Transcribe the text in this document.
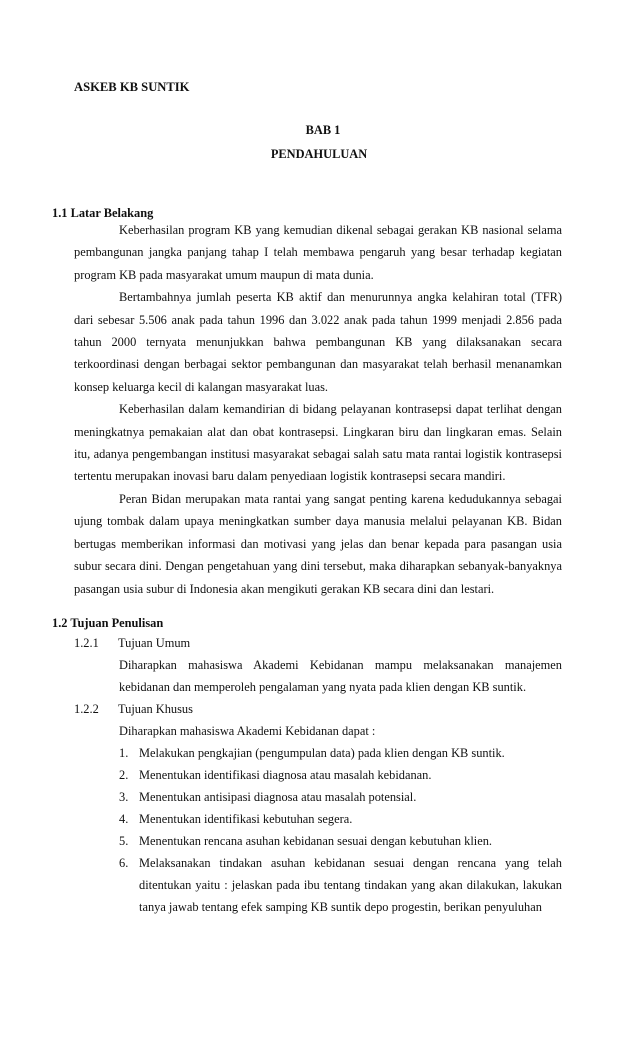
ASKEB KB SUNTIK
BAB 1
PENDAHULUAN
1.1 Latar Belakang

Keberhasilan program KB yang kemudian dikenal sebagai gerakan KB nasional selama pembangunan jangka panjang tahap I telah membawa pengaruh yang besar terhadap kegiatan program KB pada masyarakat umum maupun di mata dunia.

Bertambahnya jumlah peserta KB aktif dan menurunnya angka kelahiran total (TFR) dari sebesar 5.506 anak pada tahun 1996 dan 3.022 anak pada tahun 1999 menjadi 2.856 pada tahun 2000 ternyata menunjukkan bahwa pembangunan KB yang dilaksanakan secara terkoordinasi dengan berbagai sektor pembangunan dan masyarakat telah berhasil menanamkan konsep keluarga kecil di kalangan masyarakat luas.

Keberhasilan dalam kemandirian di bidang pelayanan kontrasepsi dapat terlihat dengan meningkatnya pemakaian alat dan obat kontrasepsi. Lingkaran biru dan lingkaran emas. Selain itu, adanya pengembangan institusi masyarakat sebagai salah satu mata rantai logistik kontrasepsi tertentu merupakan inovasi baru dalam penyediaan logistik kontrasepsi secara mandiri.

Peran Bidan merupakan mata rantai yang sangat penting karena kedudukannya sebagai ujung tombak dalam upaya meningkatkan sumber daya manusia melalui pelayanan KB. Bidan bertugas memberikan informasi dan motivasi yang jelas dan benar kepada para pasangan usia subur secara dini. Dengan pengetahuan yang dini tersebut, maka diharapkan sebanyak-banyaknya pasangan usia subur di Indonesia akan mengikuti gerakan KB secara dini dan lestari.

1.2 Tujuan Penulisan
1.2.1 Tujuan Umum
Diharapkan mahasiswa Akademi Kebidanan mampu melaksanakan manajemen kebidanan dan memperoleh pengalaman yang nyata pada klien dengan KB suntik.
1.2.2 Tujuan Khusus
Diharapkan mahasiswa Akademi Kebidanan dapat :
1. Melakukan pengkajian (pengumpulan data) pada klien dengan KB suntik.
2. Menentukan identifikasi diagnosa atau masalah kebidanan.
3. Menentukan antisipasi diagnosa atau masalah potensial.
4. Menentukan identifikasi kebutuhan segera.
5. Menentukan rencana asuhan kebidanan sesuai dengan kebutuhan klien.
6. Melaksanakan tindakan asuhan kebidanan sesuai dengan rencana yang telah ditentukan yaitu : jelaskan pada ibu tentang tindakan yang akan dilakukan, lakukan tanya jawab tentang efek samping KB suntik depo progestin, berikan penyuluhan
